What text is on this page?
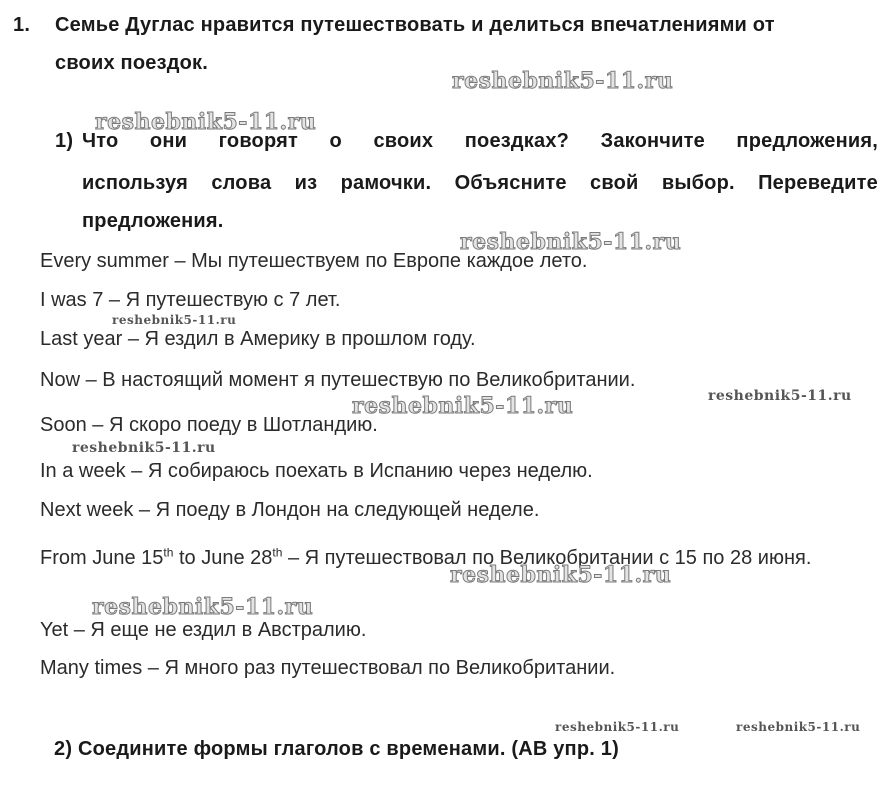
1. Семье Дуглас нравится путешествовать и делиться впечатлениями от
своих поездок.
1) Что они говорят о своих поездках? Закончите предложения,
используя слова из рамочки. Объясните свой выбор. Переведите
предложения.
Every summer – Мы путешествуем по Европе каждое лето.
I was 7 – Я путешествую с 7 лет.
Last year – Я ездил в Америку в прошлом году.
Now – В настоящий момент я путешествую по Великобритании.
Soon – Я скоро поеду в Шотландию.
In a week – Я собираюсь поехать в Испанию через неделю.
Next week – Я поеду в Лондон на следующей неделе.
From June 15th to June 28th – Я путешествовал по Великобритании с 15 по 28 июня.
Yet – Я еще не ездил в Австралию.
Many times – Я много раз путешествовал по Великобритании.
2) Соедините формы глаголов с временами. (AB упр. 1)
reshebnik5-11.ru
reshebnik5-11.ru
reshebnik5-11.ru
reshebnik5-11.ru
reshebnik5-11.ru
reshebnik5-11.ru
reshebnik5-11.ru
reshebnik5-11.ru
reshebnik5-11.ru
reshebnik5-11.ru	reshebnik5-11.ru
